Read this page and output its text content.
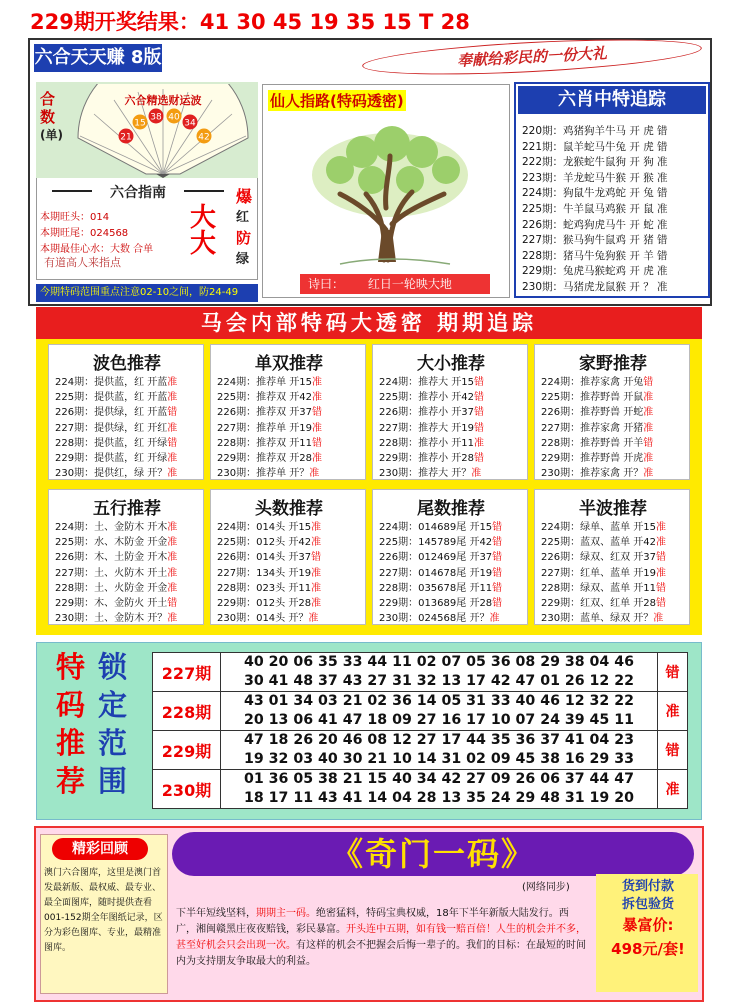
229期开奖结果：41 30 45 19 35 15 T 28
六合天天赚 8版	奉献给彩民的一份大礼
合数
(单)
六合精选财运波
21
15
38 40
34
42
六合指南
本期旺头：014
本期旺尾：024568
本期最佳心水：大数 合单
有道高人来指点
大
大
爆
红
防
绿
今期特码范围重点注意02-10之间，防24-49
仙人指路(特码透密)
诗曰： 红日一轮映大地
六肖中特追踪
220期：鸡猪狗羊牛马 开 虎 错
221期：鼠羊蛇马牛兔 开 虎 错
222期：龙猴蛇牛鼠狗 开 狗 准
223期：羊龙蛇马牛猴 开 猴 准
224期：狗鼠牛龙鸡蛇 开 兔 错
225期：牛羊鼠马鸡猴 开 鼠 准
226期：蛇鸡狗虎马牛 开 蛇 准
227期：猴马狗牛鼠鸡 开 猪 错
228期：猪马牛兔狗猴 开 羊 错
229期：兔虎马猴蛇鸡 开 虎 准
230期：马猪虎龙鼠猴 开 ？ 准
马会内部特码大透密 期期追踪
波色推荐
224期：提供蓝，红 开蓝准
225期：提供蓝，红 开蓝准
226期：提供绿，红 开蓝错
227期：提供绿，红 开红准
228期：提供蓝，红 开绿错
229期：提供蓝，红 开绿准
230期：提供红，绿 开？准
单双推荐
224期：推荐单 开15准
225期：推荐双 开42准
226期：推荐双 开37错
227期：推荐单 开19准
228期：推荐双 开11错
229期：推荐双 开28准
230期：推荐单 开？准
大小推荐
224期：推荐大 开15错
225期：推荐小 开42错
226期：推荐小 开37错
227期：推荐大 开19错
228期：推荐小 开11准
229期：推荐小 开28错
230期：推荐大 开？准
家野推荐
224期：推荐家禽 开兔错
225期：推荐野兽 开鼠准
226期：推荐野兽 开蛇准
227期：推荐家禽 开猪准
228期：推荐野兽 开羊错
229期：推荐野兽 开虎准
230期：推荐家禽 开？准
五行推荐
224期：土、金防木 开木准
225期：水、木防金 开金准
226期：木、土防金 开木准
227期：土、火防木 开土准
228期：土、火防金 开金准
229期：木、金防火 开土错
230期：土、金防木 开？准
头数推荐
224期：014头 开15准
225期：012头 开42准
226期：014头 开37错
227期：134头 开19准
228期：023头 开11准
229期：012头 开28准
230期：014头 开？准
尾数推荐
224期：014689尾 开15错
225期：145789尾 开42错
226期：012469尾 开37错
227期：014678尾 开19错
228期：035678尾 开11错
229期：013689尾 开28错
230期：024568尾 开？准
半波推荐
224期：绿单、蓝单 开15准
225期：蓝双、蓝单 开42准
226期：绿双、红双 开37错
227期：红单、蓝单 开19准
228期：绿双、蓝单 开11错
229期：红双、红单 开28错
230期：蓝单、绿双 开？准
特
码
推
荐
锁
定
范
围
227期	40 20 06 35 33 44 11 02 07 05 36 08 29 38 04 46
30 41 48 37 43 27 31 32 13 17 42 47 01 26 12 22	错
228期	43 01 34 03 21 02 36 14 05 31 33 40 46 12 32 22
20 13 06 41 47 18 09 27 16 17 10 07 24 39 45 11	准
229期	47 18 26 20 46 08 12 27 17 44 35 36 37 41 04 23
19 32 03 40 30 21 10 14 31 02 09 45 38 16 29 33	错
230期	01 36 05 38 21 15 40 34 42 27 09 26 06 37 44 47
18 17 11 43 41 14 04 28 13 35 24 29 48 31 19 20	准
精彩回顾
澳门六合图库，这里是澳门首发最新版、最权威、最专业、最全面图库，随时提供查看001-152期全年图纸记录，区分为彩色图库、专业，最精准图库。
《奇门一码》
(网络同步)
下半年短线坚料，期期主一码。绝密猛料，特码宝典权威，18年下半年新版大陆发行。西广，湘闽赣黑庄夜夜赔钱，彩民暴富。开头连中五期，如有钱一赔百倍！人生的机会并不多，甚至好机会只会出现一次。有这样的机会不把握会后悔一辈子的。我们的目标：在最短的时间内为支持朋友争取最大的利益。
货到付款
拆包验货
暴富价:
498元/套!
